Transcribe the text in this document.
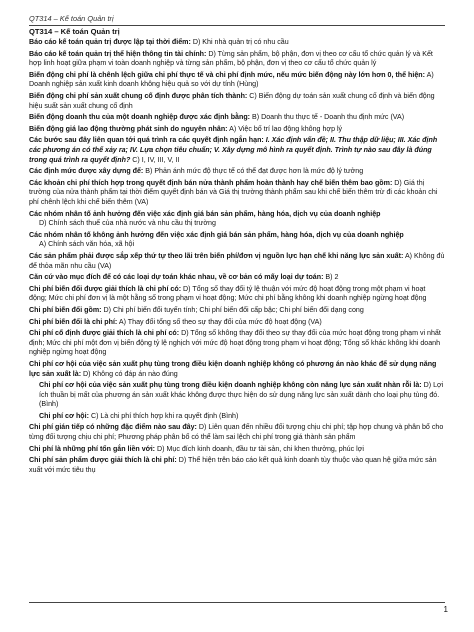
QT314 – Kế toán Quản trị
QT314 – Kế toán Quản trị

Báo cáo kế toán quản trị được lập tại thời điểm: D) Khi nhà quản trị có nhu cầu

Báo cáo kế toán quản trị thể hiện thông tin tài chính: D) Từng sản phẩm, bộ phận, đơn vị theo cơ cấu tổ chức quản lý và Kết hợp linh hoạt giữa phạm vi toàn doanh nghiệp và từng sản phẩm, bộ phận, đơn vị theo cơ cấu tổ chức quản lý

Biến động chi phí là chênh lệch giữa chi phí thực tế và chi phí định mức, nếu mức biến động này lớn hơn 0, thể hiện: A) Doanh nghiệp sản xuất kinh doanh không hiệu quả so với dự tính (Hùng)

Biến động chi phí sản xuất chung cố định được phân tích thành: C) Biến động dự toán sản xuất chung cố định và biến động hiệu suất sản xuất chung cố định

Biến động doanh thu của một doanh nghiệp được xác định bằng: B) Doanh thu thực tế - Doanh thu định mức (VA)

Biến động giá lao động thường phát sinh do nguyên nhân: A) Việc bố trí lao động không hợp lý

Các bước sau đây liên quan tới quá trình ra các quyết định ngắn hạn: I. Xác định vấn đề; II. Thu thập dữ liệu; III. Xác định các phương án có thể xảy ra; IV. Lựa chọn tiêu chuẩn; V. Xây dựng mô hình ra quyết định. Trình tự nào sau đây là đúng trong quá trình ra quyết định? C) I, IV, III, V, II

Các định mức được xây dựng để: B) Phản ánh mức độ thực tế có thể đạt được hơn là mức độ lý tưởng

Các khoản chi phí thích hợp trong quyết định bán nửa thành phẩm hoàn thành hay chế biến thêm bao gồm: D) Giá thị trường của nửa thành phẩm tại thời điểm quyết định bán và Giá thị trường thành phẩm sau khi chế biến thêm trừ đi các khoản chi phí chênh lệch khi chế biến thêm (VA)

Các nhóm nhân tố ảnh hưởng đến việc xác định giá bán sản phẩm, hàng hóa, dịch vụ của doanh nghiệp
D) Chính sách thuế của nhà nước và nhu cầu thị trường

Các nhóm nhân tố không ảnh hưởng đến việc xác định giá bán sản phẩm, hàng hóa, dịch vụ của doanh nghiệp
A) Chính sách văn hóa, xã hội

Các sản phẩm phải được sắp xếp thứ tự theo lãi trên biến phí/đơn vị nguồn lực hạn chế khi năng lực sản xuất: A) Không đủ để thỏa mãn nhu cầu (VA)

Căn cứ vào mục đích để có các loại dự toán khác nhau, về cơ bản có mấy loại dự toán: B) 2

Chi phí biến đổi được giải thích là chi phí có: D) Tổng số thay đổi tỷ lệ thuận với mức độ hoạt động trong một phạm vi hoạt động; Mức chi phí đơn vị là một hằng số trong phạm vi hoạt động; Mức chi phí bằng không khi doanh nghiệp ngừng hoạt động

Chi phí biến đổi gồm: D) Chi phí biến đổi tuyến tính; Chi phí biến đổi cấp bậc; Chi phí biến đổi dạng cong

Chi phí biến đổi là chi phí: A) Thay đổi tổng số theo sự thay đổi của mức độ hoạt động (VA)

Chi phí cố định được giải thích là chi phí có: D) Tổng số không thay đổi theo sự thay đổi của mức hoạt động trong phạm vi nhất định; Mức chi phí một đơn vị biến động tỷ lệ nghịch với mức độ hoạt động trong phạm vi hoạt động; Tổng số khác không khi doanh nghiệp ngừng hoạt động

Chi phí cơ hội của việc sản xuất phụ tùng trong điều kiện doanh nghiệp không có phương án nào khác để sử dụng năng lực sản xuất là: D) Không có đáp án nào đúng

Chi phí cơ hội của việc sản xuất phụ tùng trong điều kiện doanh nghiệp không còn năng lực sản xuất nhàn rỗi là: D) Lợi ích thuần bị mất của phương án sản xuất khác không được thực hiện do sử dụng năng lực sản xuất dành cho loại phụ tùng đó. (Bình)

Chi phí cơ hội: C) Là chi phí thích hợp khi ra quyết định (Bình)

Chi phí gián tiếp có những đặc điểm nào sau đây: D) Liên quan đến nhiều đối tượng chịu chi phí; tập hợp chung và phân bổ cho từng đối tượng chịu chi phí; Phương pháp phân bổ có thể làm sai lệch chi phí trong giá thành sản phẩm

Chi phí là những phí tổn gắn liền với: D) Mục đích kinh doanh, đầu tư tài sản, chi khen thưởng, phúc lợi

Chi phí sản phẩm được giải thích là chi phí: D) Thể hiện trên báo cáo kết quả kinh doanh tùy thuộc vào quan hệ giữa mức sản xuất với mức tiêu thụ

1
